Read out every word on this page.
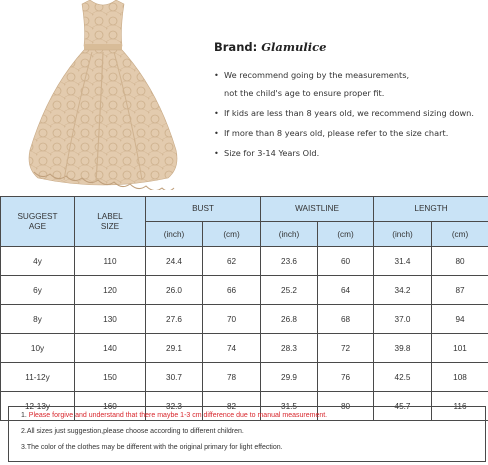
Brand: Glamulice
• We recommend going by the measurements,
not the child's age to ensure proper fit.
• If kids are less than 8 years old, we recommend sizing down.
• If more than 8 years old, please refer to the size chart.
• Size for 3-14 Years Old.
SUGGEST
AGE	LABEL
SIZE	BUST		WAISTLINE		LENGTH	
		(inch)	(cm)	(inch)	(cm)	(inch)	(cm)
4y	110	24.4	62	23.6	60	31.4	80
6y	120	26.0	66	25.2	64	34.2	87
8y	130	27.6	70	26.8	68	37.0	94
10y	140	29.1	74	28.3	72	39.8	101
11-12y	150	30.7	78	29.9	76	42.5	108
12-13y	160	32.3	82	31.5	80	45.7	116
1. Please forgive and understand that there maybe 1-3 cm difference due to manual measurement.
2.All sizes just suggestion,please choose according to different children.
3.The color of the clothes may be different with the original primary for light effection.
